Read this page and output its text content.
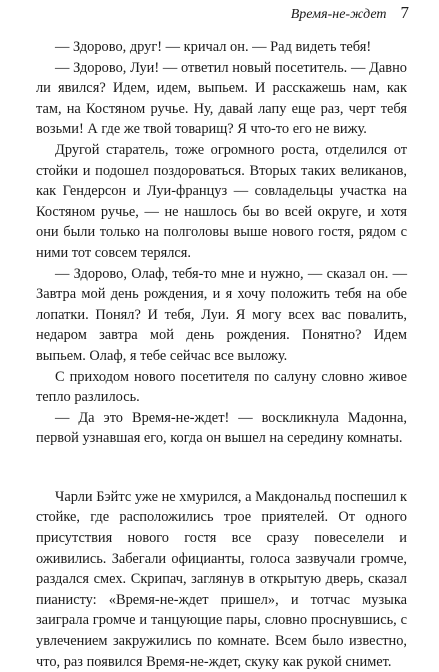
Время-не-ждет 7

— Здорово, друг! — кричал он. — Рад видеть тебя!

— Здорово, Луи! — ответил новый посетитель. — Давно ли явился? Идем, идем, выпьем. И расскажешь нам, как там, на Костяном ручье. Ну, давай лапу еще раз, черт тебя возьми! А где же твой товарищ? Я что-то его не вижу.

Другой старатель, тоже огромного роста, отделился от стойки и подошел поздороваться. Вторых таких великанов, как Гендерсон и Луи-француз — совладельцы участка на Костяном ручье, — не нашлось бы во всей округе, и хотя они были только на полголовы выше нового гостя, рядом с ними тот совсем терялся.

— Здорово, Олаф, тебя-то мне и нужно, — сказал он. — Завтра мой день рождения, и я хочу положить тебя на обе лопатки. Понял? И тебя, Луи. Я могу всех вас повалить, недаром завтра мой день рождения. Понятно? Идем выпьем. Олаф, я тебе сейчас все выложу.

С приходом нового посетителя по салуну словно живое тепло разлилось.

— Да это Время-не-ждет! — воскликнула Мадонна, первой узнавшая его, когда он вышел на середину комнаты.

Чарли Бэйтс уже не хмурился, а Макдональд поспешил к стойке, где расположились трое приятелей. От одного присутствия нового гостя все сразу повеселели и оживились. Забегали официанты, голоса зазвучали громче, раздался смех. Скрипач, заглянув в открытую дверь, сказал пианисту: «Время-не-ждет пришел», и тотчас музыка заиграла громче и танцующие пары, словно проснувшись, с увлечением закружились по комнате. Всем было известно, что, раз появился Время-не-ждет, скуку как рукой снимет.
